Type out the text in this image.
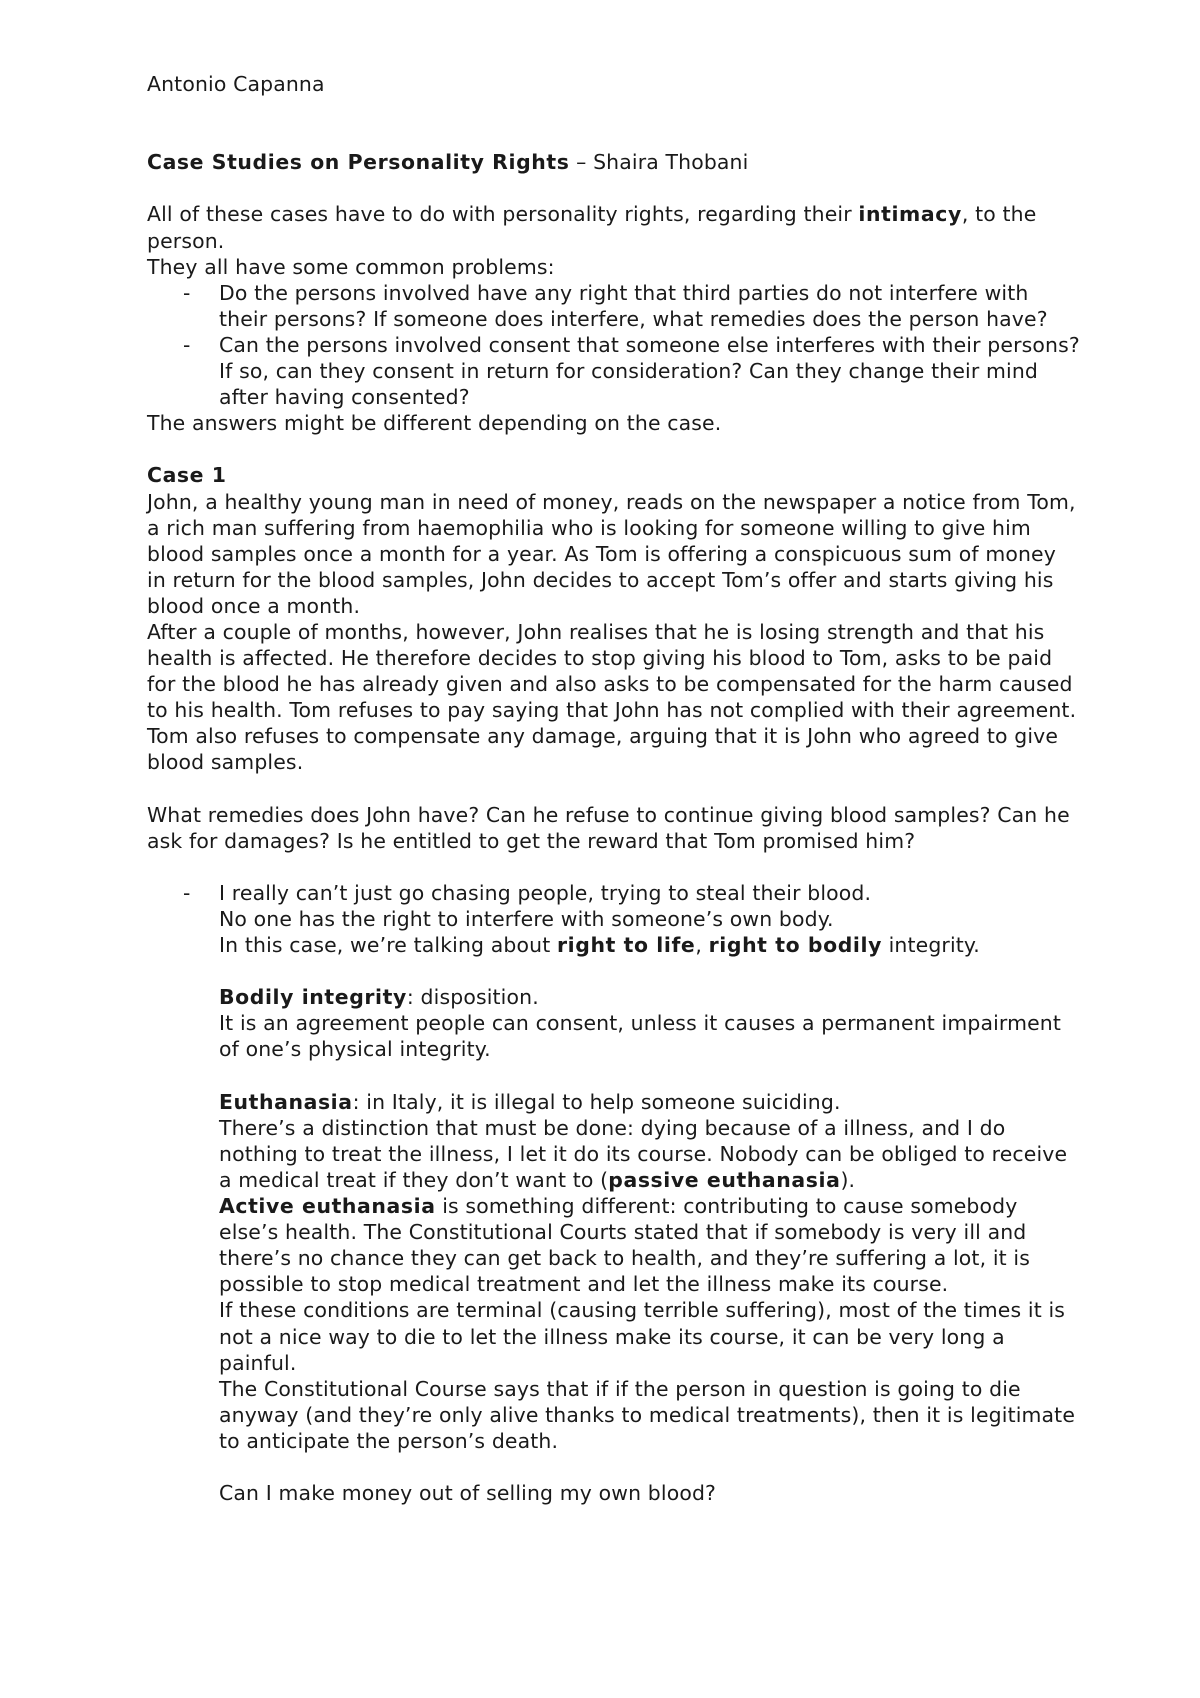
Antonio Capanna

Case Studies on Personality Rights – Shaira Thobani

All of these cases have to do with personality rights, regarding their intimacy, to the person.

They all have some common problems:

- Do the persons involved have any right that third parties do not interfere with their persons? If someone does interfere, what remedies does the person have?
- Can the persons involved consent that someone else interferes with their persons? If so, can they consent in return for consideration? Can they change their mind after having consented?

The answers might be different depending on the case.

Case 1

John, a healthy young man in need of money, reads on the newspaper a notice from Tom, a rich man suffering from haemophilia who is looking for someone willing to give him blood samples once a month for a year. As Tom is offering a conspicuous sum of money in return for the blood samples, John decides to accept Tom’s offer and starts giving his blood once a month.

After a couple of months, however, John realises that he is losing strength and that his health is affected. He therefore decides to stop giving his blood to Tom, asks to be paid for the blood he has already given and also asks to be compensated for the harm caused to his health. Tom refuses to pay saying that John has not complied with their agreement. Tom also refuses to compensate any damage, arguing that it is John who agreed to give blood samples.

What remedies does John have? Can he refuse to continue giving blood samples? Can he ask for damages? Is he entitled to get the reward that Tom promised him?

- I really can’t just go chasing people, trying to steal their blood.

No one has the right to interfere with someone’s own body.

In this case, we’re talking about right to life, right to bodily integrity.

Bodily integrity: disposition.

It is an agreement people can consent, unless it causes a permanent impairment of one’s physical integrity.

Euthanasia: in Italy, it is illegal to help someone suiciding.

There’s a distinction that must be done: dying because of a illness, and I do nothing to treat the illness, I let it do its course. Nobody can be obliged to receive a medical treat if they don’t want to (passive euthanasia).

Active euthanasia is something different: contributing to cause somebody else’s health. The Constitutional Courts stated that if somebody is very ill and there’s no chance they can get back to health, and they’re suffering a lot, it is possible to stop medical treatment and let the illness make its course.

If these conditions are terminal (causing terrible suffering), most of the times it is not a nice way to die to let the illness make its course, it can be very long a painful.

The Constitutional Course says that if if the person in question is going to die anyway (and they’re only alive thanks to medical treatments), then it is legitimate to anticipate the person’s death.

Can I make money out of selling my own blood?
